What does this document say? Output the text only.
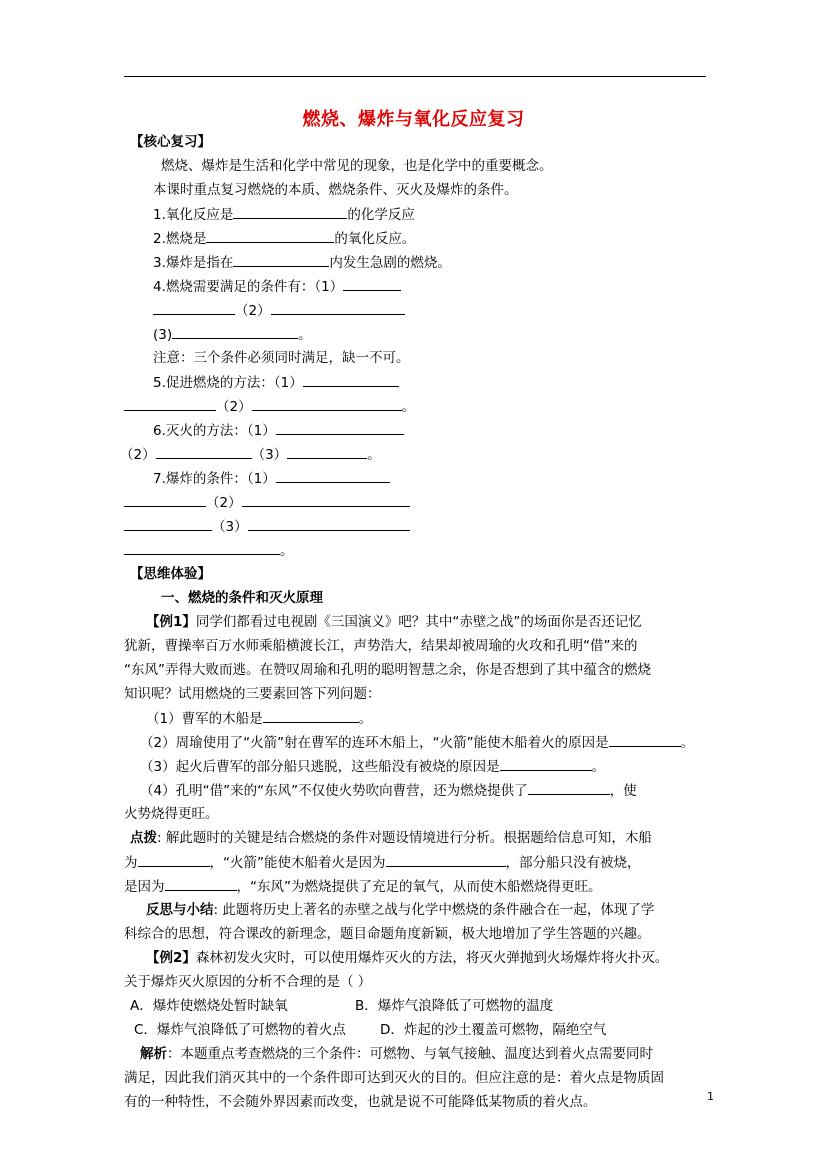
燃烧、爆炸与氧化反应复习
【核心复习】
燃烧、爆炸是生活和化学中常见的现象，也是化学中的重要概念。
本课时重点复习燃烧的本质、燃烧条件、灭火及爆炸的条件。
1.氧化反应是	的化学反应
2.燃烧是	的氧化反应。
3.爆炸是指在	内发生急剧的燃烧。
4.燃烧需要满足的条件有：（1）
（2）
(3)	。
注意：三个条件必须同时满足，缺一不可。
5.促进燃烧的方法：（1）
（2）	。
6.灭火的方法：（1）
（2）	（3）	。
7.爆炸的条件：（1）
（2）
（3）
。
【思维体验】
一、燃烧的条件和灭火原理
【例1】同学们都看过电视剧《三国演义》吧？其中“赤壁之战”的场面你是否还记忆
犹新，曹操率百万水师乘船横渡长江，声势浩大，结果却被周瑜的火攻和孔明“借”来的
“东风”弄得大败而逃。在赞叹周瑜和孔明的聪明智慧之余，你是否想到了其中蕴含的燃烧
知识呢？试用燃烧的三要素回答下列问题：
（1）曹军的木船是	。
（2）周瑜使用了“火箭”射在曹军的连环木船上，“火箭”能使木船着火的原因是	。
（3）起火后曹军的部分船只逃脱，这些船没有被烧的原因是	。
（4）孔明“借”来的“东风”不仅使火势吹向曹营，还为燃烧提供了	，使
火势烧得更旺。
点拨: 解此题时的关键是结合燃烧的条件对题设情境进行分析。根据题给信息可知，木船
为	，“火箭”能使木船着火是因为	，部分船只没有被烧，
是因为	，“东风”为燃烧提供了充足的氧气，从而使木船燃烧得更旺。
反思与小结: 此题将历史上著名的赤壁之战与化学中燃烧的条件融合在一起，体现了学
科综合的思想，符合课改的新理念，题目命题角度新颖，极大地增加了学生答题的兴趣。
【例2】森林初发火灾时，可以使用爆炸灭火的方法，将灭火弹抛到火场爆炸将火扑灭。
关于爆炸灭火原因的分析不合理的是（ ）
A．爆炸使燃烧处暂时缺氧	B．爆炸气浪降低了可燃物的温度
C．爆炸气浪降低了可燃物的着火点	D．炸起的沙土覆盖可燃物，隔绝空气
解析：本题重点考查燃烧的三个条件：可燃物、与氧气接触、温度达到着火点需要同时
满足，因此我们消灭其中的一个条件即可达到灭火的目的。但应注意的是：着火点是物质固
有的一种特性，不会随外界因素而改变，也就是说不可能降低某物质的着火点。	1
